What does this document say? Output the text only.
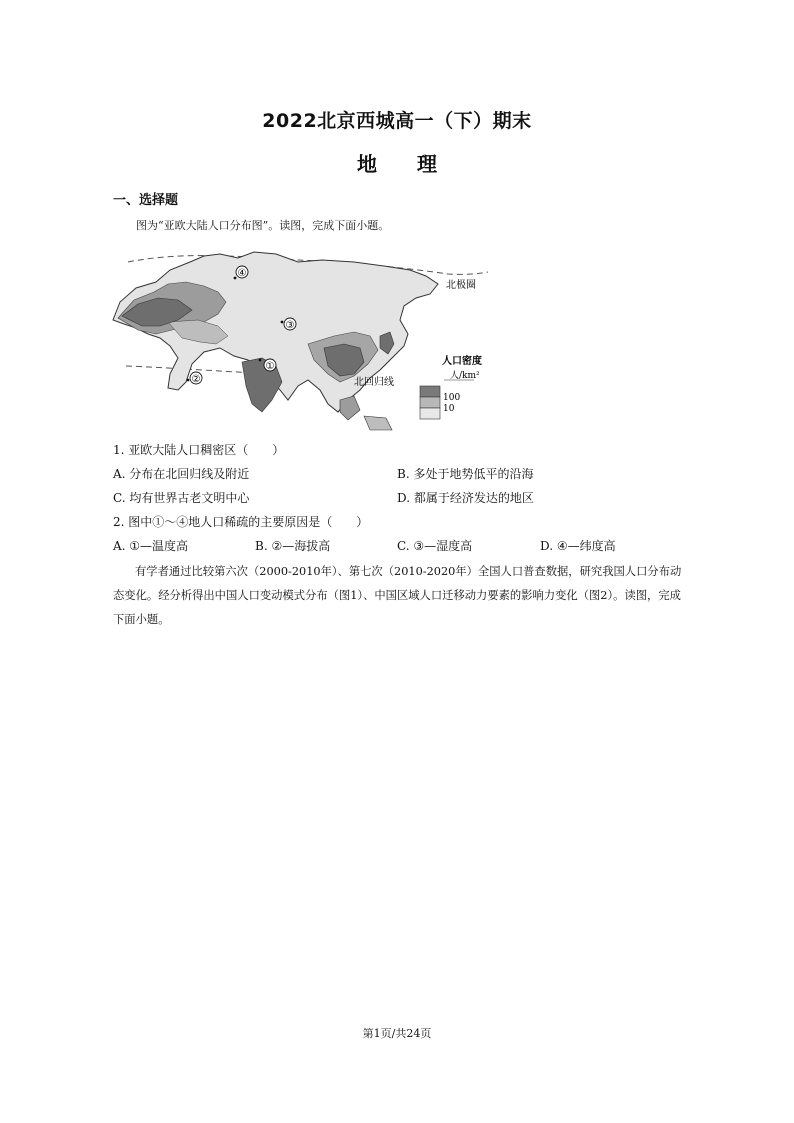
2022北京西城高一（下）期末
地　　理
一、选择题
图为“亚欧大陆人口分布图”。读图，完成下面小题。
①
②
③
④
北极圈
北回归线
人口密度
人/km²
100
10
1. 亚欧大陆人口稠密区（　　）
A. 分布在北回归线及附近	B. 多处于地势低平的沿海
C. 均有世界古老文明中心	D. 都属于经济发达的地区
2. 图中①～④地人口稀疏的主要原因是（　　）
A. ①—温度高	B. ②—海拔高	C. ③—湿度高	D. ④—纬度高
有学者通过比较第六次（2000-2010年）、第七次（2010-2020年）全国人口普查数据，研究我国人口分布动态变化。经分析得出中国人口变动模式分布（图1）、中国区域人口迁移动力要素的影响力变化（图2）。读图，完成下面小题。
第1页/共24页
